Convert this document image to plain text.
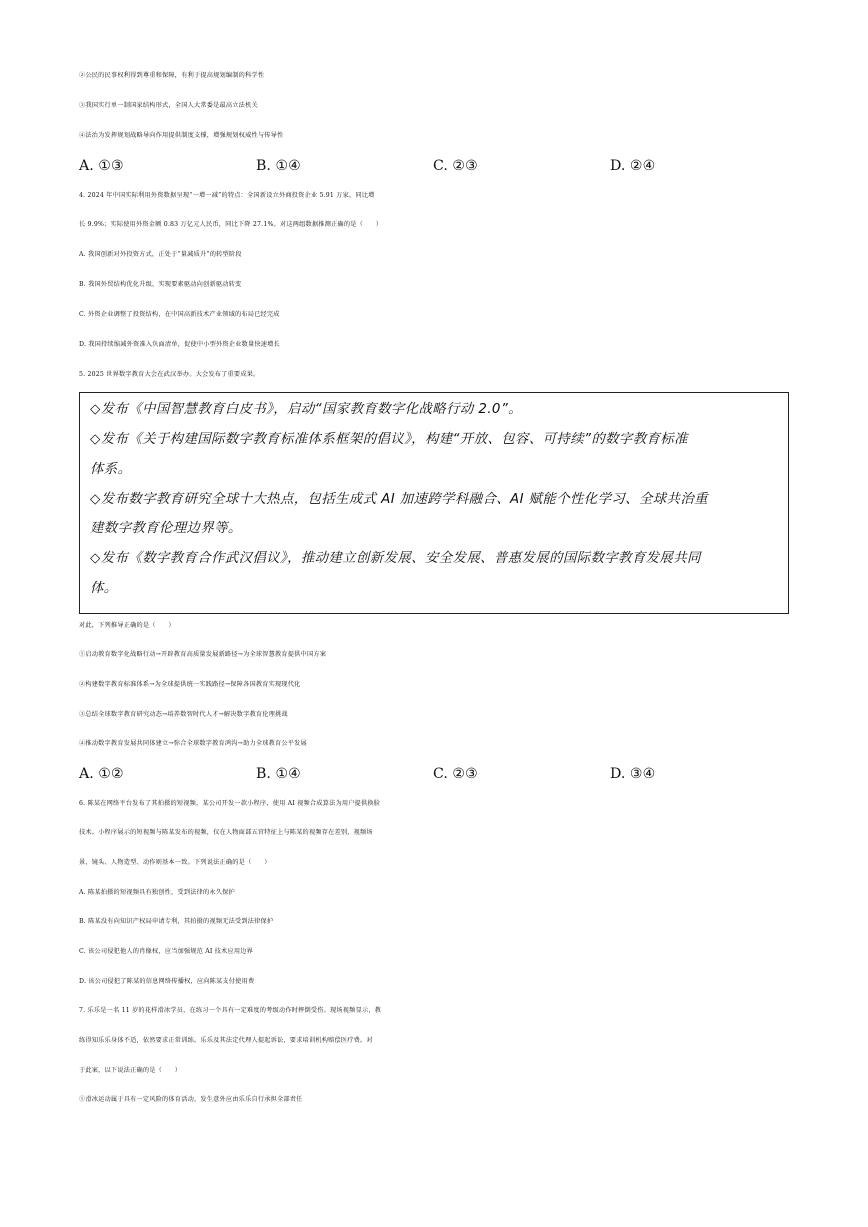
②公民的民事权利得到尊重和保障，有利于提高规划编制的科学性
③我国实行单一制国家结构形式，全国人大常委是最高立法机关
④法治为发挥规划战略导向作用提供制度支撑，增强规划权威性与传导性
A. ①③	B. ①④	C. ②③	D. ②④
4. 2024 年中国实际利用外资数据呈现“一增一减”的特点：全国新设立外商投资企业 5.91 万家，同比增
长 9.9%；实际使用外资金额 0.83 万亿元人民币，同比下降 27.1%。对这两组数据推测正确的是（　　）
A. 我国创新对外投资方式，正处于“量减质升”的转型阶段
B. 我国外贸结构优化升级，实现要素驱动向创新驱动转变
C. 外资企业调整了投资结构，在中国高新技术产业领域的布局已经完成
D. 我国持续缩减外资准入负面清单，促使中小型外资企业数量快速增长
5. 2025 世界数字教育大会在武汉举办。大会发布了重要成果。
◇发布《中国智慧教育白皮书》，启动“国家教育数字化战略行动 2.0”。
◇发布《关于构建国际数字教育标准体系框架的倡议》，构建“开放、包容、可持续”的数字教育标准
体系。
◇发布数字教育研究全球十大热点，包括生成式 AI 加速跨学科融合、AI 赋能个性化学习、全球共治重
建数字教育伦理边界等。
◇发布《数字教育合作武汉倡议》，推动建立创新发展、安全发展、普惠发展的国际数字教育发展共同
体。
对此，下列推导正确的是（　　）
①启动教育数字化战略行动→开辟教育高质量发展新路径→为全球智慧教育提供中国方案
②构建数字教育标准体系→为全球提供统一实践路径→保障各国教育实现现代化
③总结全球数字教育研究动态→培养数智时代人才→解决数字教育伦理挑战
④推动数字教育发展共同体建立→弥合全球数字教育鸿沟→助力全球教育公平发展
A. ①②	B. ①④	C. ②③	D. ③④
6. 陈某在网络平台发布了其拍摄的短视频，某公司开发一款小程序，使用 AI 视频合成算法为用户提供换脸
技术。小程序展示的短视频与陈某发布的视频，仅在人物面部五官特征上与陈某的视频存在差别，视频场
景、镜头、人物造型、动作则基本一致。下列说法正确的是（　　）
A. 陈某拍摄的短视频具有独创性，受到法律的永久保护
B. 陈某没有向知识产权局申请专利，其拍摄的视频无法受到法律保护
C. 该公司侵犯他人的肖像权，应当加强规范 AI 技术应用边界
D. 该公司侵犯了陈某的信息网络传播权，应向陈某支付使用费
7. 乐乐是一名 11 岁的花样滑冰学员，在练习一个具有一定难度的考级动作时摔倒受伤。现场视频显示，教
练得知乐乐身体不适，依然要求正常训练。乐乐及其法定代理人提起诉讼，要求培训机构赔偿医疗费。对
于此案，以下说法正确的是（　　）
①滑冰运动属于具有一定风险的体育活动，发生意外应由乐乐自行承担全部责任
